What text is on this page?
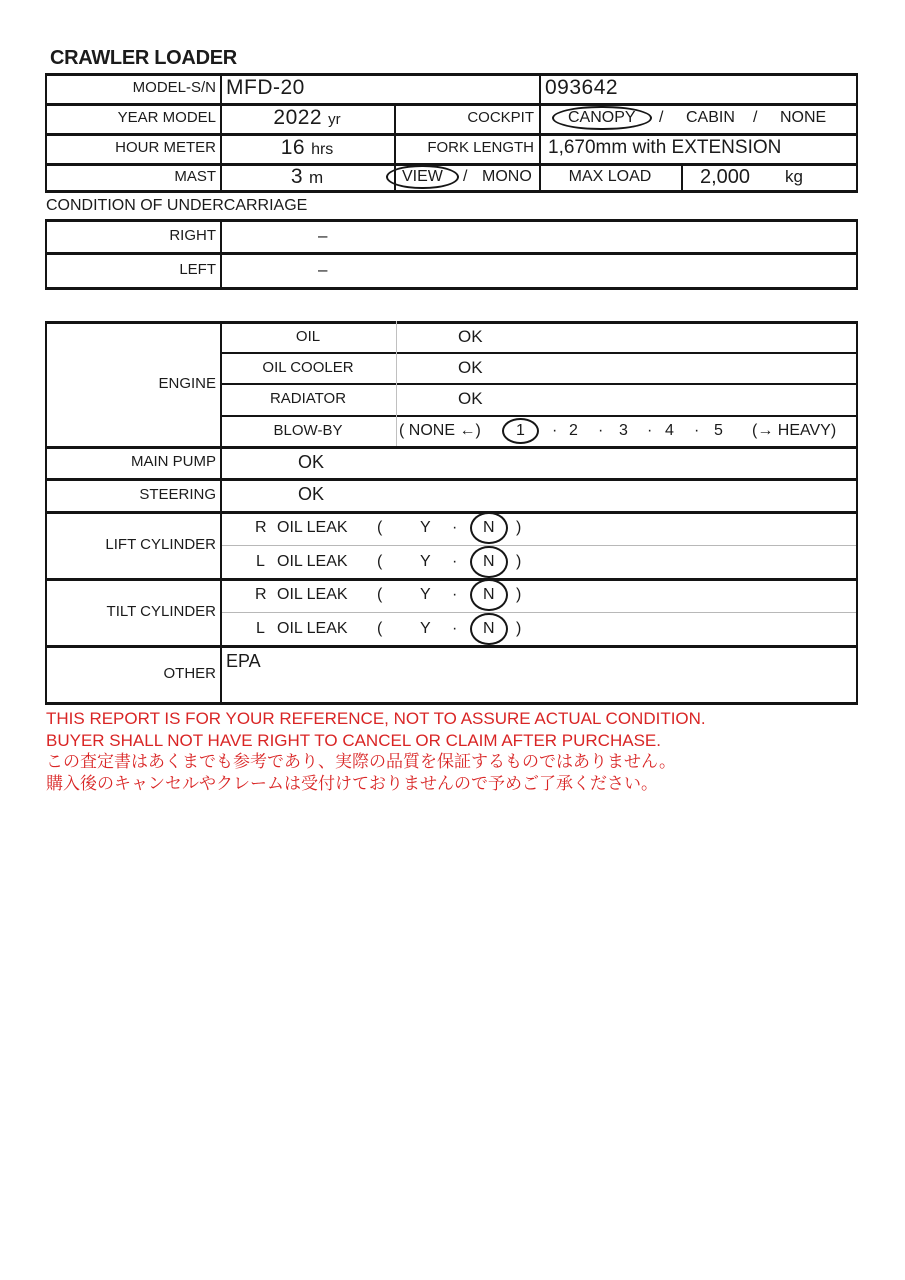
CRAWLER LOADER
MODEL-S/N MFD-20	093642
YEAR MODEL	2022 yr	COCKPIT	CANOPY	/ CABIN / NONE
HOUR METER	16 hrs	FORK LENGTH 1,670mm with EXTENSION
MAST	3 m	VIEW	/ MONO	MAX LOAD	2,000 kg
CONDITION OF UNDERCARRIAGE
RIGHT	–
LEFT	–
ENGINE
OIL	OK
OIL COOLER	OK
RADIATOR	OK
BLOW-BY	( NONE ←)	1	· 2 · 3 · 4 · 5 (→ HEAVY)
MAIN PUMP	OK
STEERING	OK
LIFT CYLINDER
R OIL LEAK ( Y ·	N	)
L OIL LEAK ( Y ·	N	)
TILT CYLINDER
R OIL LEAK ( Y ·	N	)
L OIL LEAK ( Y ·	N	)
OTHER
EPA
THIS REPORT IS FOR YOUR REFERENCE, NOT TO ASSURE ACTUAL CONDITION.
BUYER SHALL NOT HAVE RIGHT TO CANCEL OR CLAIM AFTER PURCHASE.
この査定書はあくまでも参考であり、実際の品質を保証するものではありません。
購入後のキャンセルやクレームは受付けておりませんので予めご了承ください。
